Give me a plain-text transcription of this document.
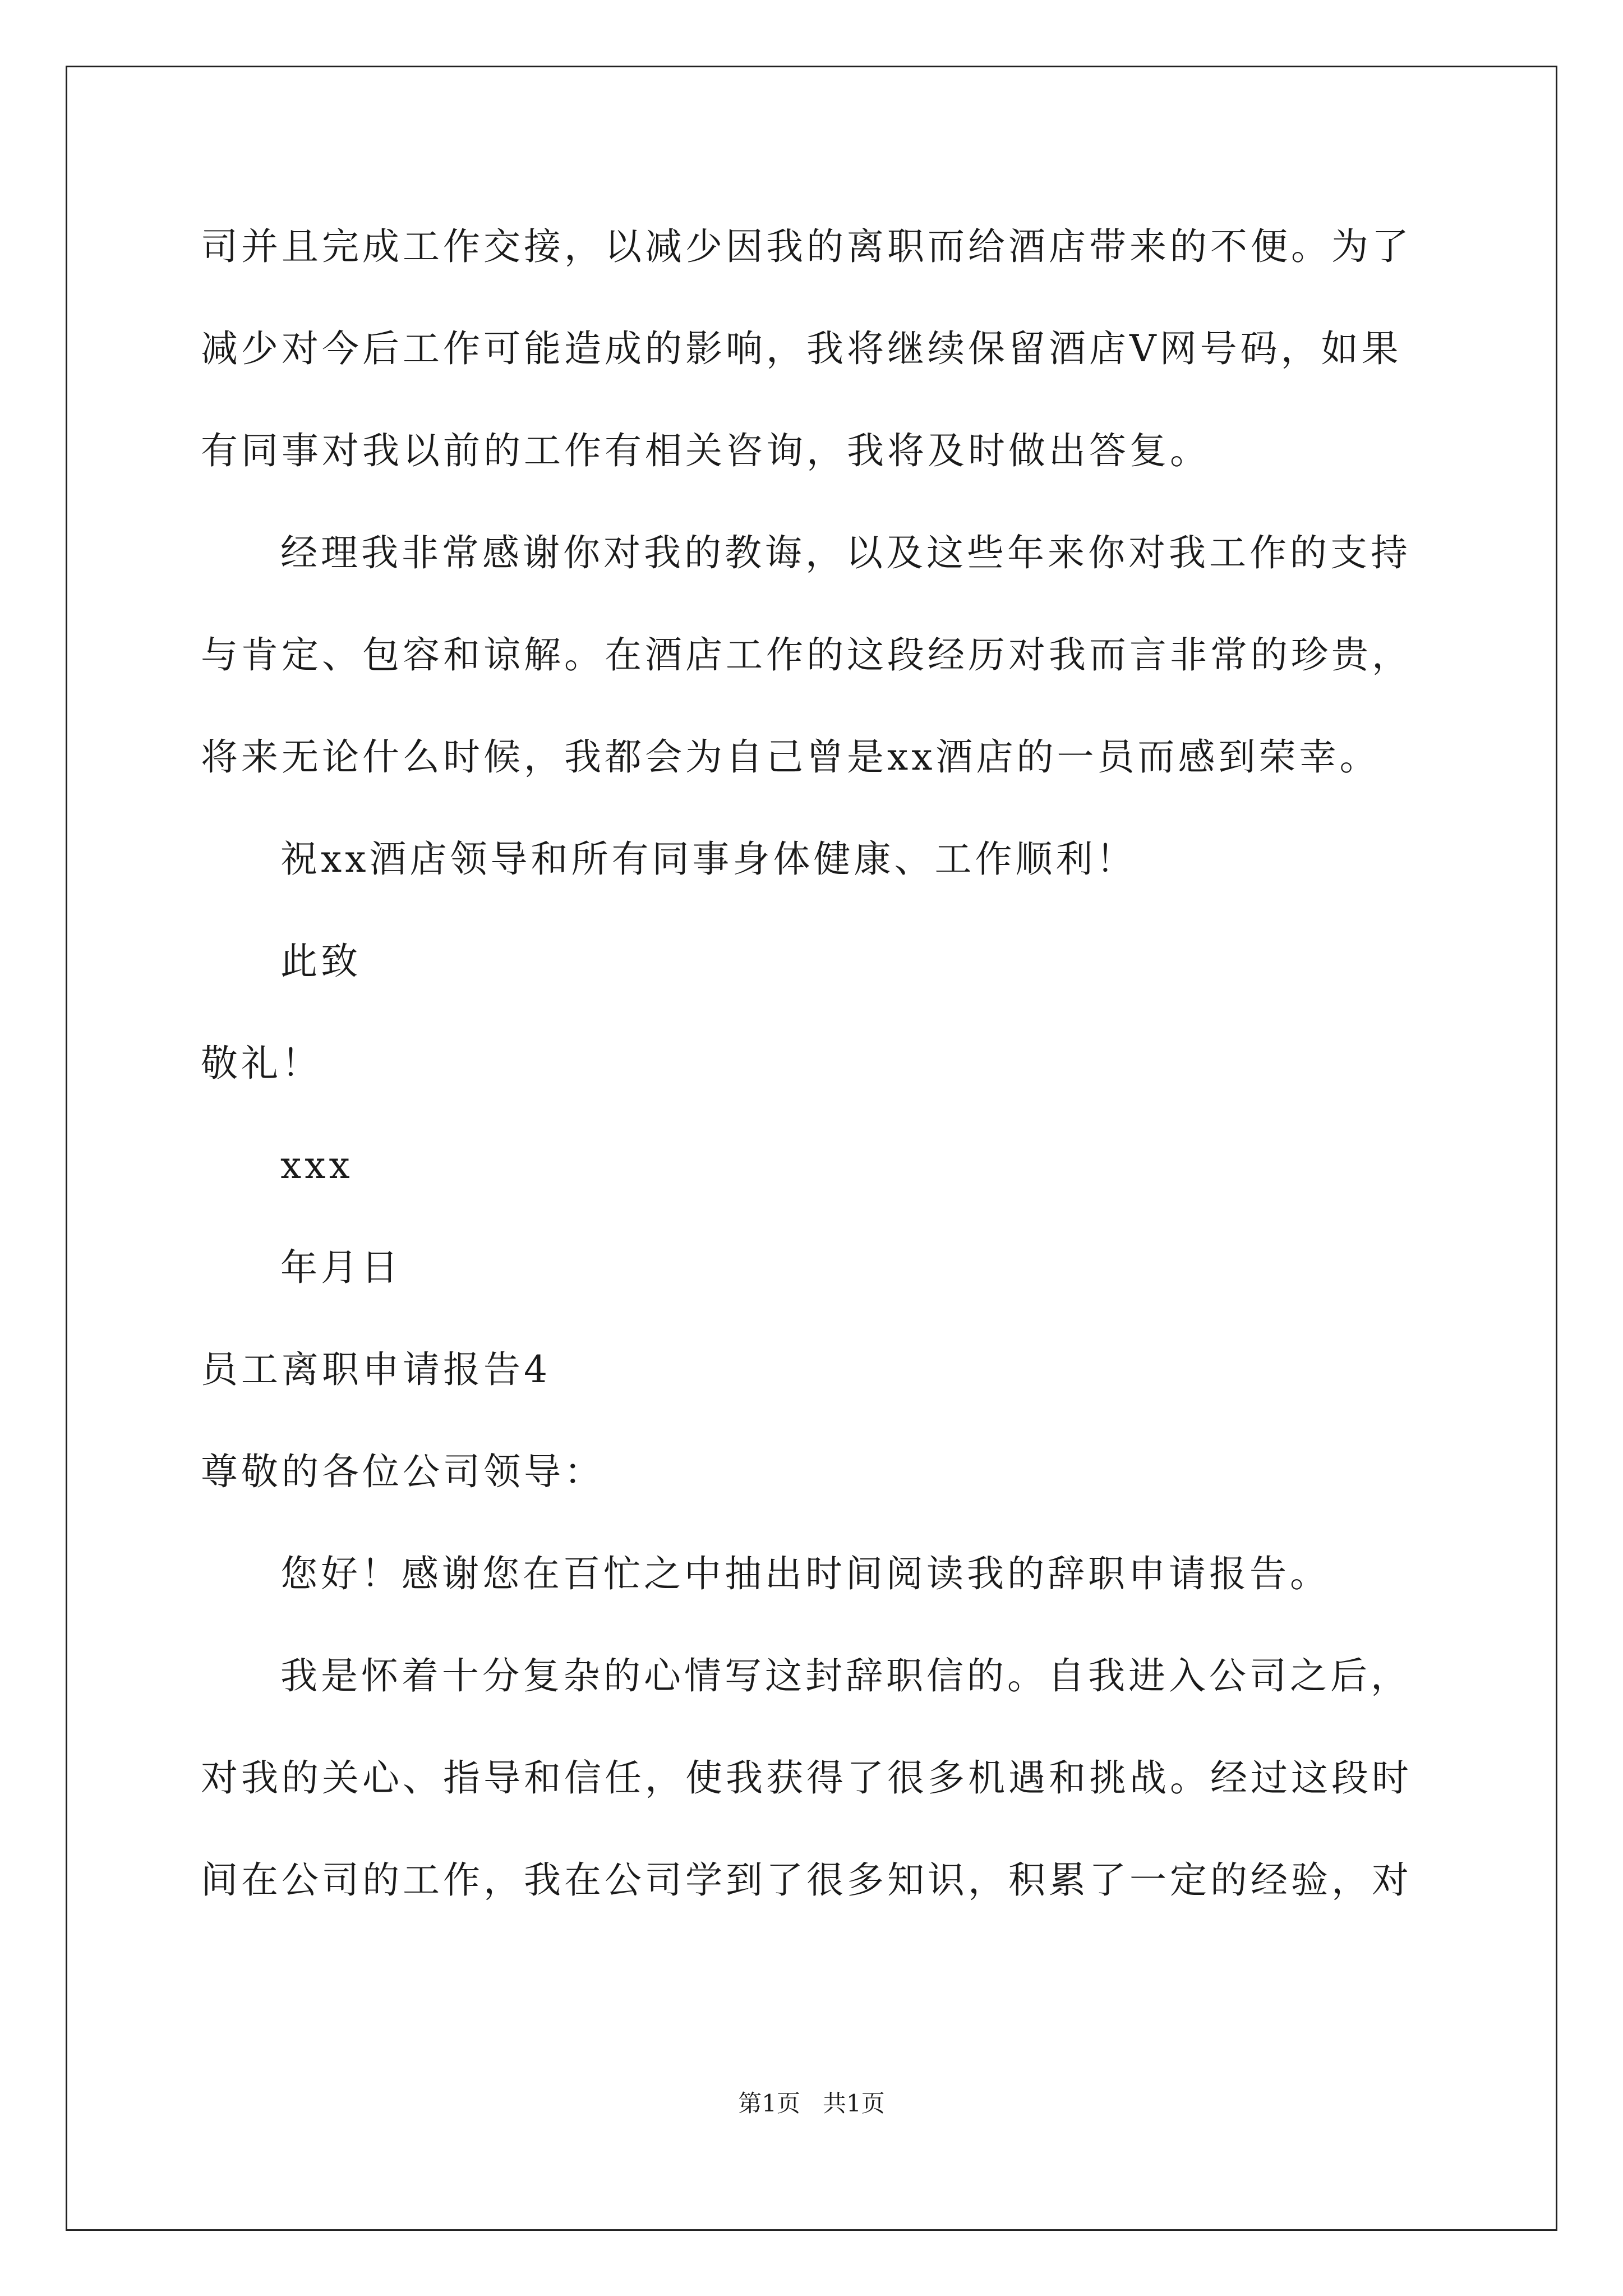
司并且完成工作交接，以减少因我的离职而给酒店带来的不便。为了
减少对今后工作可能造成的影响，我将继续保留酒店V网号码，如果
有同事对我以前的工作有相关咨询，我将及时做出答复。
经理我非常感谢你对我的教诲，以及这些年来你对我工作的支持
与肯定、包容和谅解。在酒店工作的这段经历对我而言非常的珍贵，
将来无论什么时候，我都会为自己曾是xx酒店的一员而感到荣幸。
祝xx酒店领导和所有同事身体健康、工作顺利！
此致
敬礼！
xxx
年月日
员工离职申请报告4
尊敬的各位公司领导：
您好！感谢您在百忙之中抽出时间阅读我的辞职申请报告。
我是怀着十分复杂的心情写这封辞职信的。自我进入公司之后，
对我的关心、指导和信任，使我获得了很多机遇和挑战。经过这段时
间在公司的工作，我在公司学到了很多知识，积累了一定的经验，对
第1页   共1页
